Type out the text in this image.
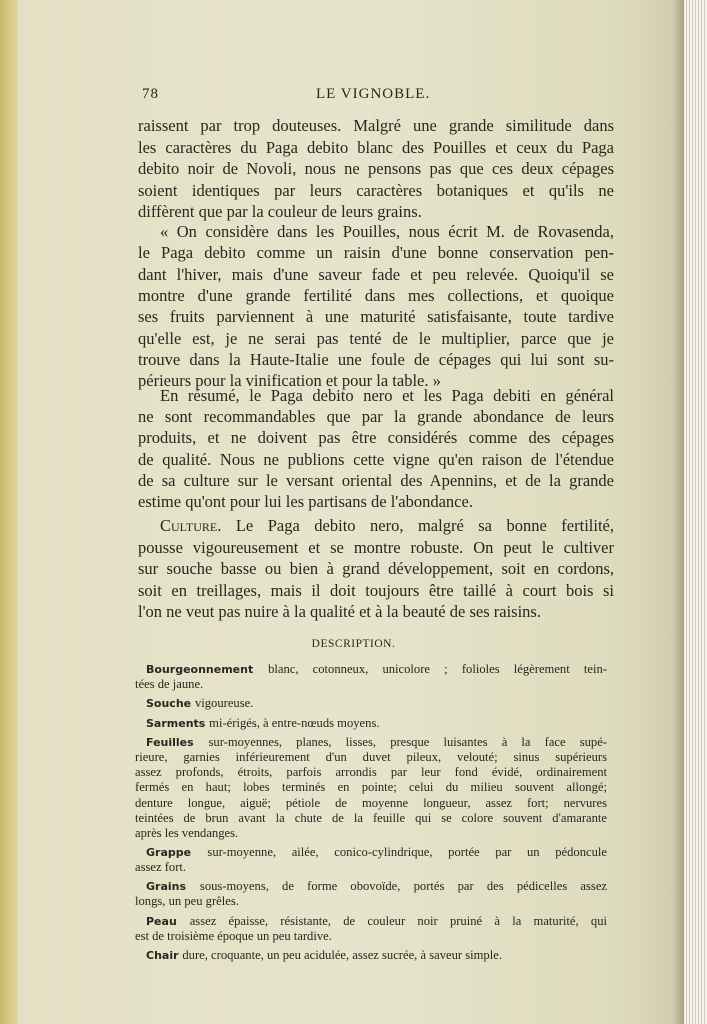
78	LE VIGNOBLE.
raissent par trop douteuses. Malgré une grande similitude dans
les caractères du Paga debito blanc des Pouilles et ceux du Paga
debito noir de Novoli, nous ne pensons pas que ces deux cépages
soient identiques par leurs caractères botaniques et qu'ils ne
diffèrent que par la couleur de leurs grains.
« On considère dans les Pouilles, nous écrit M. de Rovasenda,
le Paga debito comme un raisin d'une bonne conservation pen-
dant l'hiver, mais d'une saveur fade et peu relevée. Quoiqu'il se
montre d'une grande fertilité dans mes collections, et quoique
ses fruits parviennent à une maturité satisfaisante, toute tardive
qu'elle est, je ne serai pas tenté de le multiplier, parce que je
trouve dans la Haute-Italie une foule de cépages qui lui sont su-
périeurs pour la vinification et pour la table. »
En résumé, le Paga debito nero et les Paga debiti en général
ne sont recommandables que par la grande abondance de leurs
produits, et ne doivent pas être considérés comme des cépages
de qualité. Nous ne publions cette vigne qu'en raison de l'étendue
de sa culture sur le versant oriental des Apennins, et de la grande
estime qu'ont pour lui les partisans de l'abondance.
Culture. Le Paga debito nero, malgré sa bonne fertilité,
pousse vigoureusement et se montre robuste. On peut le cultiver
sur souche basse ou bien à grand développement, soit en cordons,
soit en treillages, mais il doit toujours être taillé à court bois si
l'on ne veut pas nuire à la qualité et à la beauté de ses raisins.
DESCRIPTION.
Bourgeonnement blanc, cotonneux, unicolore ; folioles légèrement tein-
tées de jaune.
Souche vigoureuse.
Sarments mi-érigés, à entre-nœuds moyens.
Feuilles sur-moyennes, planes, lisses, presque luisantes à la face supé-
rieure, garnies inférieurement d'un duvet pileux, velouté; sinus supérieurs
assez profonds, étroits, parfois arrondis par leur fond évidé, ordinairement
fermés en haut; lobes terminés en pointe; celui du milieu souvent allongé;
denture longue, aiguë; pétiole de moyenne longueur, assez fort; nervures
teintées de brun avant la chute de la feuille qui se colore souvent d'amarante
après les vendanges.
Grappe sur-moyenne, ailée, conico-cylindrique, portée par un pédoncule
assez fort.
Grains sous-moyens, de forme obovoïde, portés par des pédicelles assez
longs, un peu grêles.
Peau assez épaisse, résistante, de couleur noir pruiné à la maturité, qui
est de troisième époque un peu tardive.
Chair dure, croquante, un peu acidulée, assez sucrée, à saveur simple.
